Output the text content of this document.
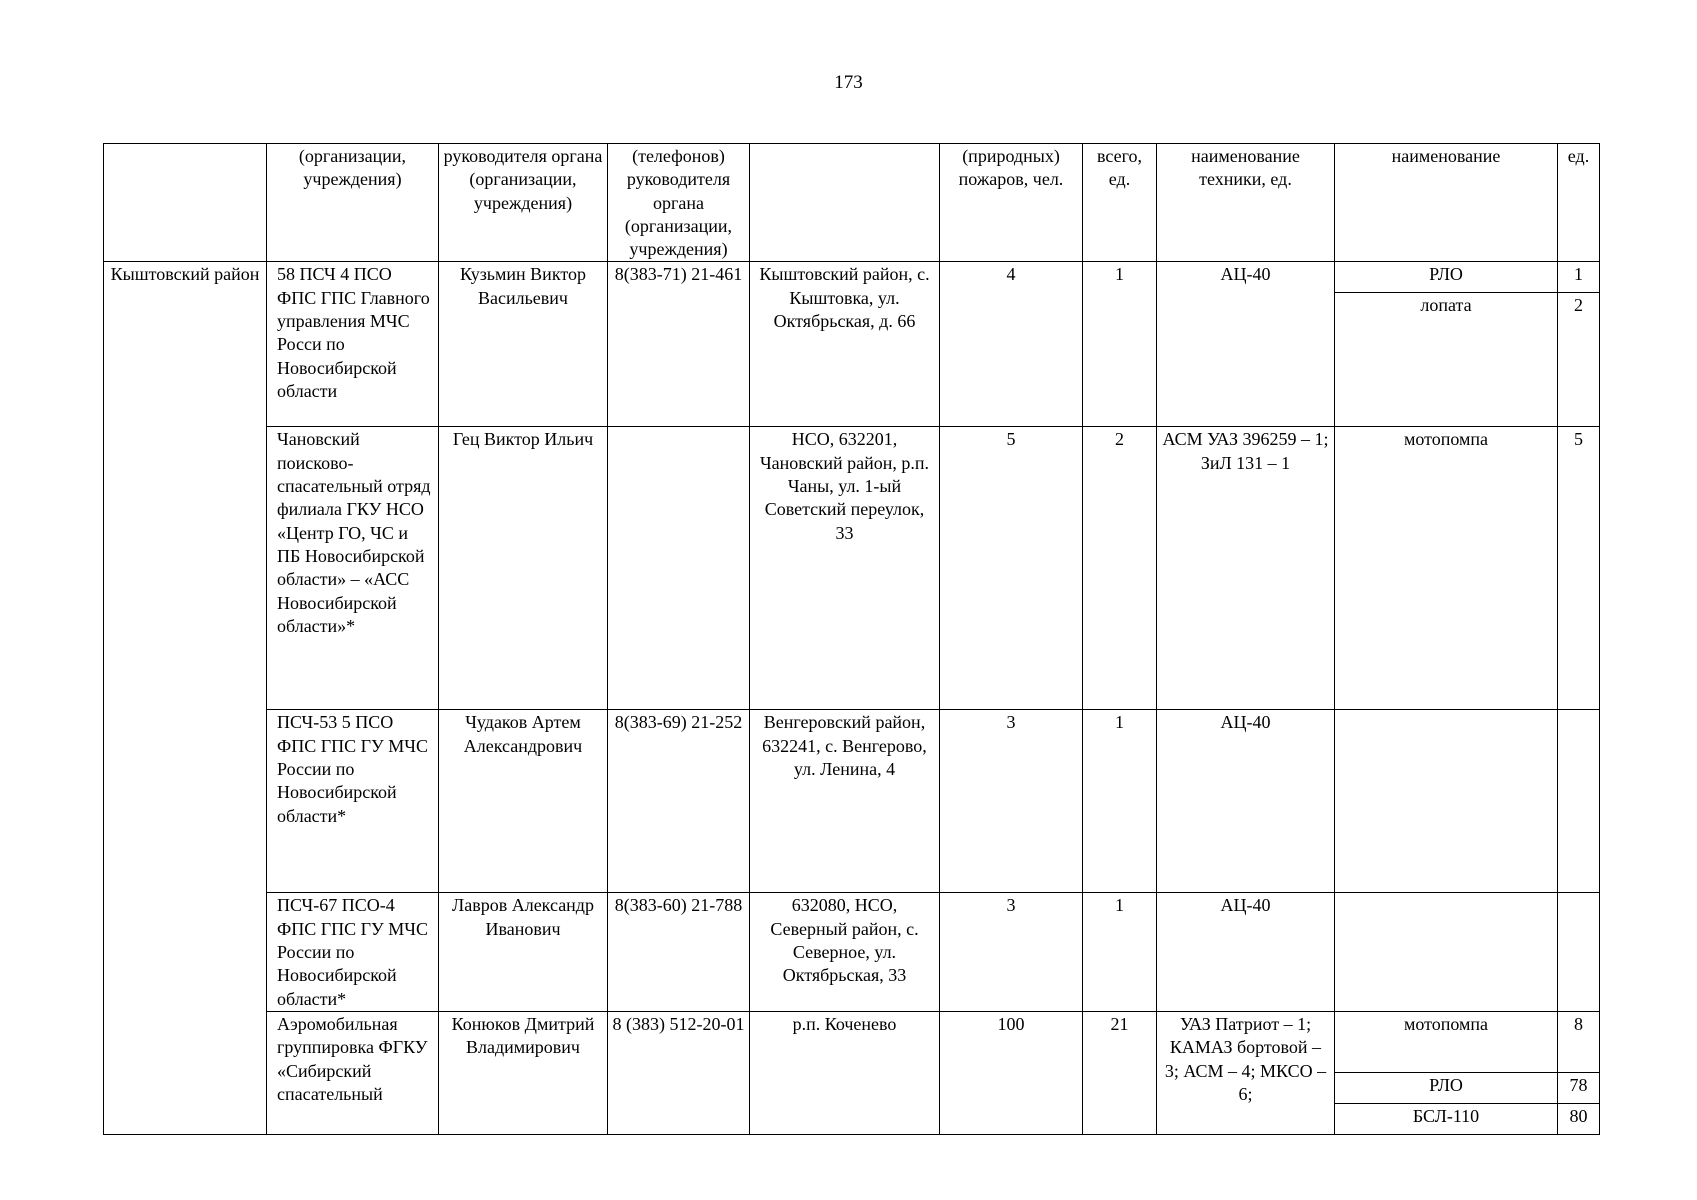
173
	(организации, учреждения)	руководителя органа (организации, учреждения)	(телефонов) руководителя органа (организации, учреждения)		(природных) пожаров, чел.	всего, ед.	наименование техники, ед.	наименование	ед.
Кыштовский район	58 ПСЧ 4 ПСО ФПС ГПС Главного управления МЧС Росси по Новосибирской области	Кузьмин Виктор Васильевич	8(383-71) 21-461	Кыштовский район, с. Кыштовка, ул. Октябрьская, д. 66	4	1	АЦ-40	РЛО	1
								лопата	2
	Чановский поисково-спасательный отряд филиала ГКУ НСО «Центр ГО, ЧС и ПБ Новосибирской области» – «АСС Новосибирской области»*	Гец Виктор Ильич		НСО, 632201, Чановский район, р.п. Чаны, ул. 1-ый Советский переулок, 33	5	2	АСМ УАЗ 396259 – 1; ЗиЛ 131 – 1	мотопомпа	5
	ПСЧ-53 5 ПСО ФПС ГПС ГУ МЧС России по Новосибирской области*	Чудаков Артем Александрович	8(383-69) 21-252	Венгеровский район, 632241, с. Венгерово, ул. Ленина, 4	3	1	АЦ-40		
	ПСЧ-67 ПСО-4 ФПС ГПС ГУ МЧС России по Новосибирской области*	Лавров Александр Иванович	8(383-60) 21-788	632080, НСО, Северный район, с. Северное, ул. Октябрьская, 33	3	1	АЦ-40		
	Аэромобильная группировка ФГКУ «Сибирский спасательный	Конюков Дмитрий Владимирович	8 (383) 512-20-01	р.п. Коченево	100	21	УАЗ Патриот – 1; КАМАЗ бортовой – 3; АСМ – 4; МКСО – 6;	мотопомпа	8
								РЛО	78
								БСЛ-110	80
